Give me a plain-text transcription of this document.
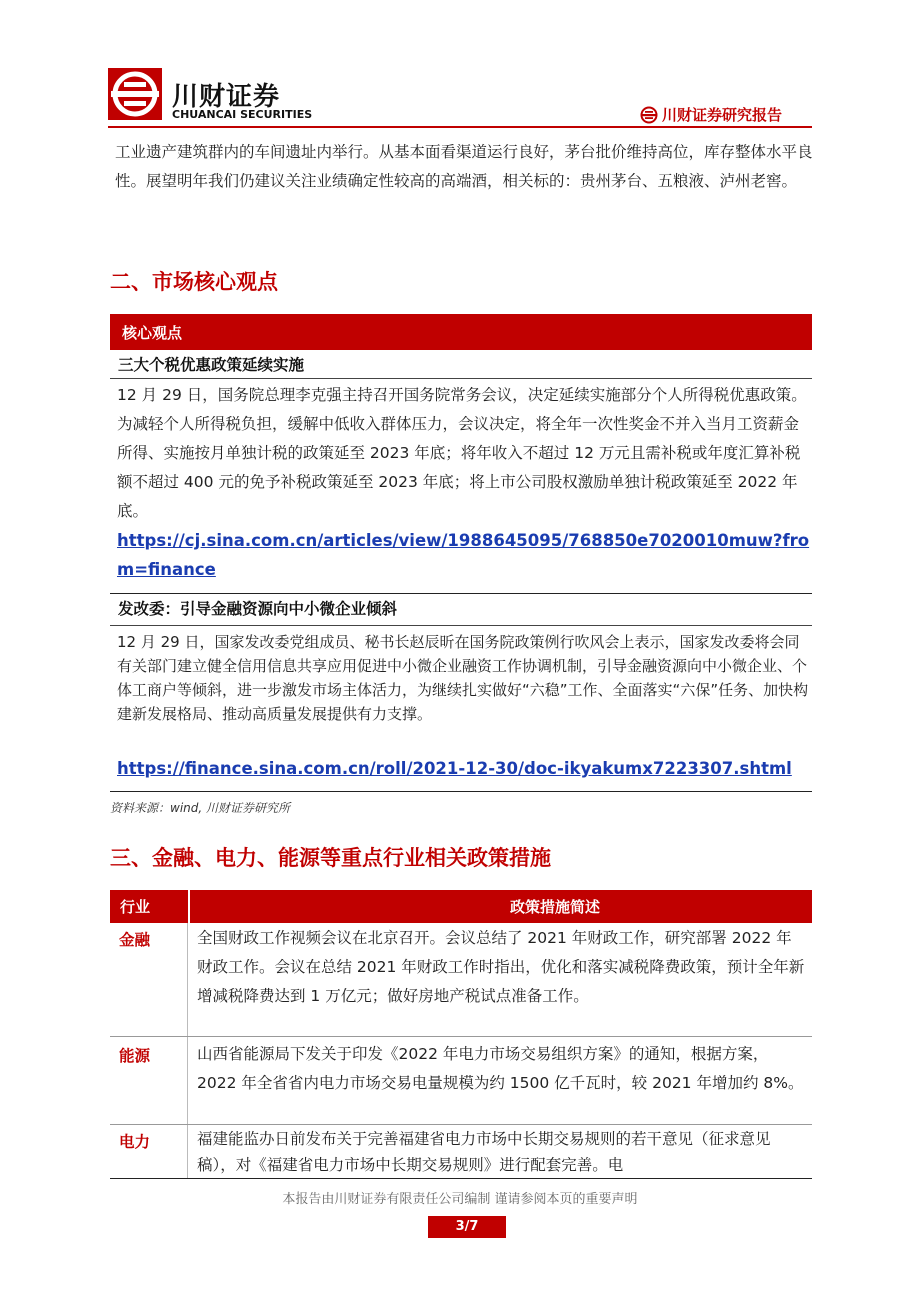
川财证券
CHUANCAI SECURITIES	川财证券研究报告
工业遗产建筑群内的车间遗址内举行。从基本面看渠道运行良好，茅台批价维持高位，库存整体水平良性。展望明年我们仍建议关注业绩确定性较高的高端酒，相关标的：贵州茅台、五粮液、泸州老窖。
二、市场核心观点
核心观点
三大个税优惠政策延续实施
12 月 29 日，国务院总理李克强主持召开国务院常务会议，决定延续实施部分个人所得税优惠政策。为减轻个人所得税负担，缓解中低收入群体压力，会议决定，将全年一次性奖金不并入当月工资薪金所得、实施按月单独计税的政策延至 2023 年底；将年收入不超过 12 万元且需补税或年度汇算补税额不超过 400 元的免予补税政策延至 2023 年底；将上市公司股权激励单独计税政策延至 2022 年底。
https://cj.sina.com.cn/articles/view/1988645095/768850e7020010muw?from=finance
发改委：引导金融资源向中小微企业倾斜
12 月 29 日，国家发改委党组成员、秘书长赵辰昕在国务院政策例行吹风会上表示，国家发改委将会同有关部门建立健全信用信息共享应用促进中小微企业融资工作协调机制，引导金融资源向中小微企业、个体工商户等倾斜，进一步激发市场主体活力，为继续扎实做好“六稳”工作、全面落实“六保”任务、加快构建新发展格局、推动高质量发展提供有力支撑。
https://finance.sina.com.cn/roll/2021-12-30/doc-ikyakumx7223307.shtml
资料来源：wind, 川财证券研究所
三、金融、电力、能源等重点行业相关政策措施
行业	政策措施简述
金融	全国财政工作视频会议在北京召开。会议总结了 2021 年财政工作，研究部署 2022 年财政工作。会议在总结 2021 年财政工作时指出，优化和落实减税降费政策，预计全年新增减税降费达到 1 万亿元；做好房地产税试点准备工作。
能源	山西省能源局下发关于印发《2022 年电力市场交易组织方案》的通知，根据方案，2022 年全省省内电力市场交易电量规模为约 1500 亿千瓦时，较 2021 年增加约 8%。
电力	福建能监办日前发布关于完善福建省电力市场中长期交易规则的若干意见（征求意见稿），对《福建省电力市场中长期交易规则》进行配套完善。电
本报告由川财证券有限责任公司编制 谨请参阅本页的重要声明
3/7
